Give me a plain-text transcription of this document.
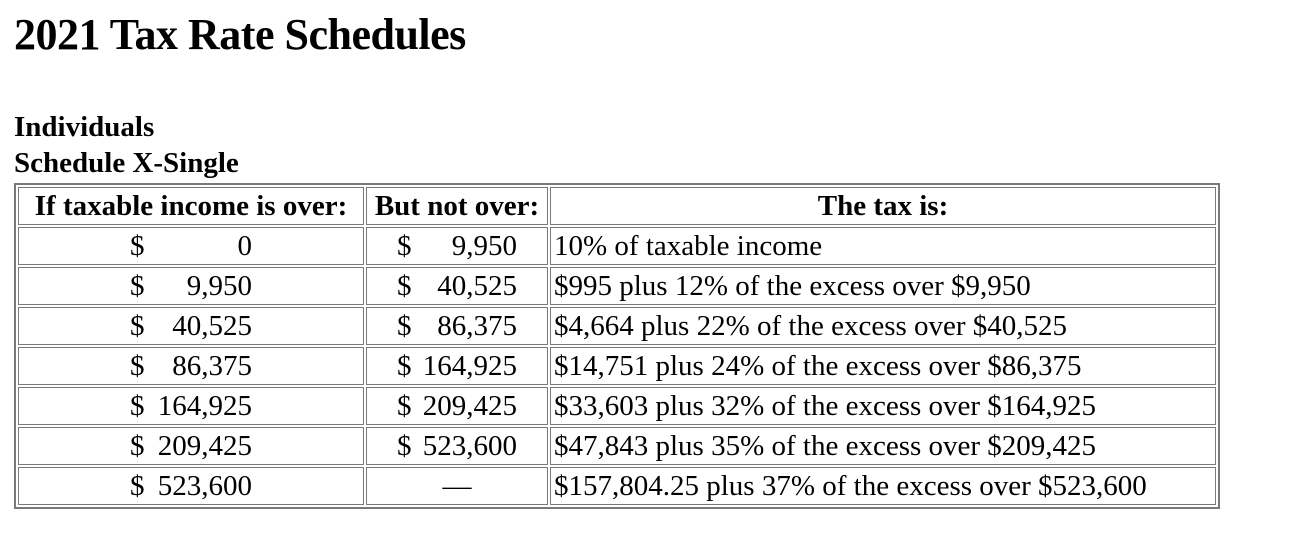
2021 Tax Rate Schedules
Individuals
Schedule X-Single
If taxable income is over:	But not over:	The tax is:

$ 0	$ 9,950	10% of taxable income

$ 9,950	$ 40,525	$995 plus 12% of the excess over $9,950

$ 40,525	$ 86,375	$4,664 plus 22% of the excess over $40,525

$ 86,375	$ 164,925	$14,751 plus 24% of the excess over $86,375

$ 164,925	$ 209,425	$33,603 plus 32% of the excess over $164,925

$ 209,425	$ 523,600	$47,843 plus 35% of the excess over $209,425

$ 523,600	—	$157,804.25 plus 37% of the excess over $523,600
